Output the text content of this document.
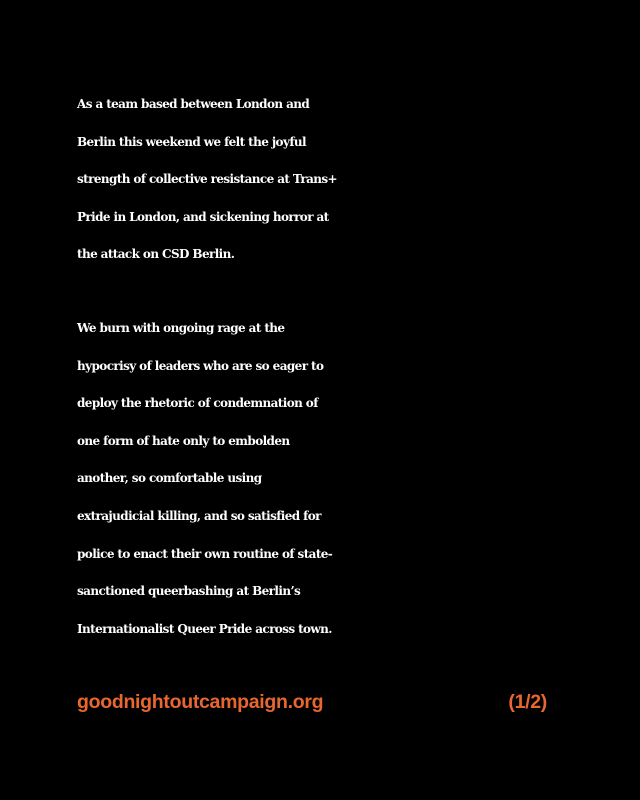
As a team based between London and
Berlin this weekend we felt the joyful
strength of collective resistance at Trans+
Pride in London, and sickening horror at
the attack on CSD Berlin.

We burn with ongoing rage at the
hypocrisy of leaders who are so eager to
deploy the rhetoric of condemnation of
one form of hate only to embolden
another, so comfortable using
extrajudicial killing, and so satisfied for
police to enact their own routine of state-
sanctioned queerbashing at Berlin’s
Internationalist Queer Pride across town.

goodnightoutcampaign.org	(1/2)
